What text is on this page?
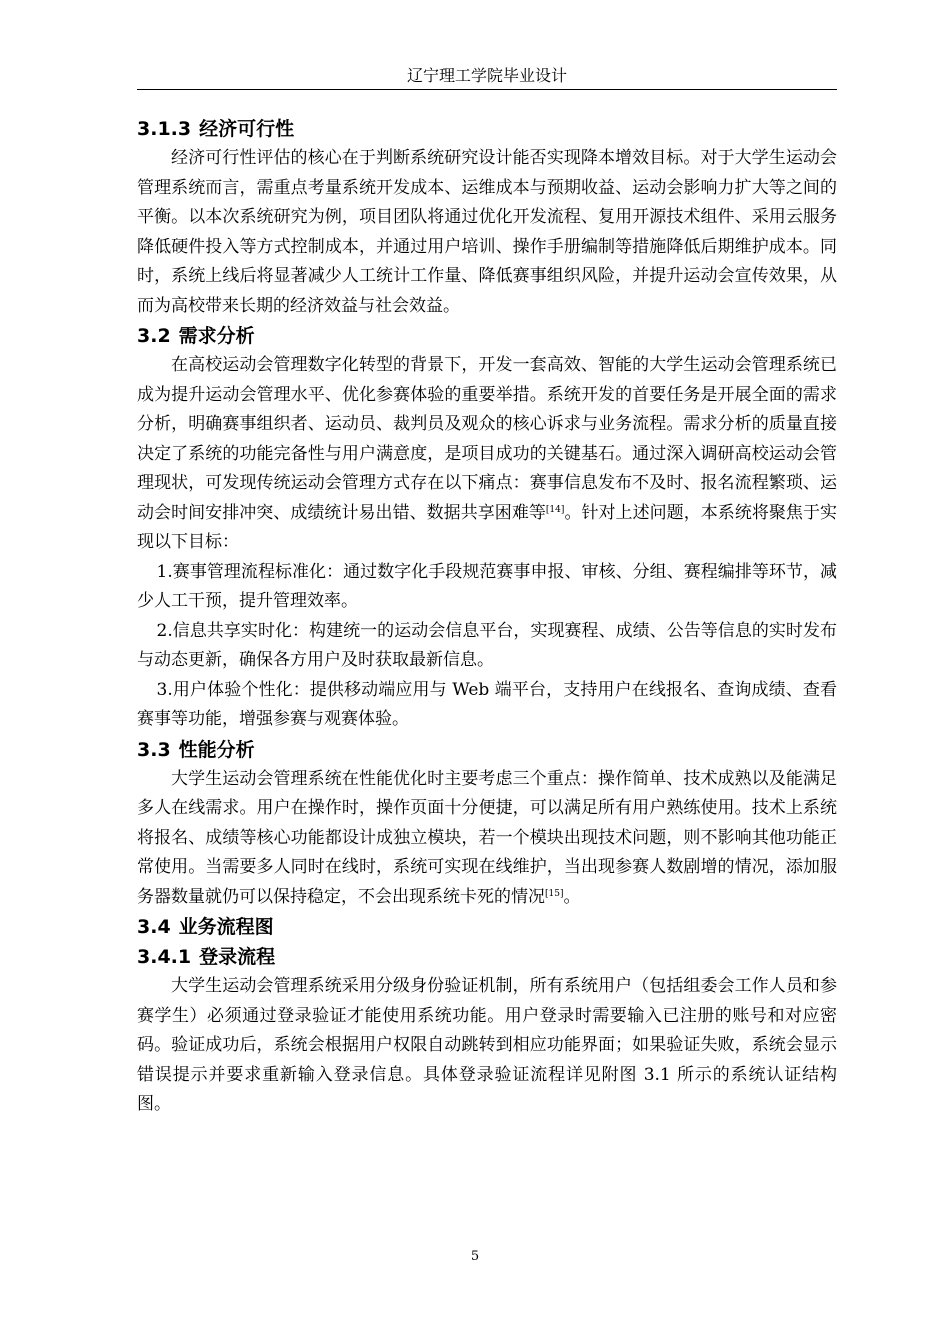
辽宁理工学院毕业设计
3.1.3 经济可行性

经济可行性评估的核心在于判断系统研究设计能否实现降本增效目标。对于大学生运动会管理系统而言，需重点考量系统开发成本、运维成本与预期收益、运动会影响力扩大等之间的平衡。以本次系统研究为例，项目团队将通过优化开发流程、复用开源技术组件、采用云服务降低硬件投入等方式控制成本，并通过用户培训、操作手册编制等措施降低后期维护成本。同时，系统上线后将显著减少人工统计工作量、降低赛事组织风险，并提升运动会宣传效果，从而为高校带来长期的经济效益与社会效益。

3.2 需求分析

在高校运动会管理数字化转型的背景下，开发一套高效、智能的大学生运动会管理系统已成为提升运动会管理水平、优化参赛体验的重要举措。系统开发的首要任务是开展全面的需求分析，明确赛事组织者、运动员、裁判员及观众的核心诉求与业务流程。需求分析的质量直接决定了系统的功能完备性与用户满意度，是项目成功的关键基石。通过深入调研高校运动会管理现状，可发现传统运动会管理方式存在以下痛点：赛事信息发布不及时、报名流程繁琐、运动会时间安排冲突、成绩统计易出错、数据共享困难等[14]。针对上述问题，本系统将聚焦于实现以下目标：

1.赛事管理流程标准化：通过数字化手段规范赛事申报、审核、分组、赛程编排等环节，减少人工干预，提升管理效率。

2.信息共享实时化：构建统一的运动会信息平台，实现赛程、成绩、公告等信息的实时发布与动态更新，确保各方用户及时获取最新信息。

3.用户体验个性化：提供移动端应用与 Web 端平台，支持用户在线报名、查询成绩、查看赛事等功能，增强参赛与观赛体验。

3.3 性能分析

大学生运动会管理系统在性能优化时主要考虑三个重点：操作简单、技术成熟以及能满足多人在线需求。用户在操作时，操作页面十分便捷，可以满足所有用户熟练使用。技术上系统将报名、成绩等核心功能都设计成独立模块，若一个模块出现技术问题，则不影响其他功能正常使用。当需要多人同时在线时，系统可实现在线维护，当出现参赛人数剧增的情况，添加服务器数量就仍可以保持稳定，不会出现系统卡死的情况[15]。

3.4 业务流程图
3.4.1 登录流程

大学生运动会管理系统采用分级身份验证机制，所有系统用户（包括组委会工作人员和参赛学生）必须通过登录验证才能使用系统功能。用户登录时需要输入已注册的账号和对应密码。验证成功后，系统会根据用户权限自动跳转到相应功能界面；如果验证失败，系统会显示错误提示并要求重新输入登录信息。具体登录验证流程详见附图 3.1 所示的系统认证结构图。

5
